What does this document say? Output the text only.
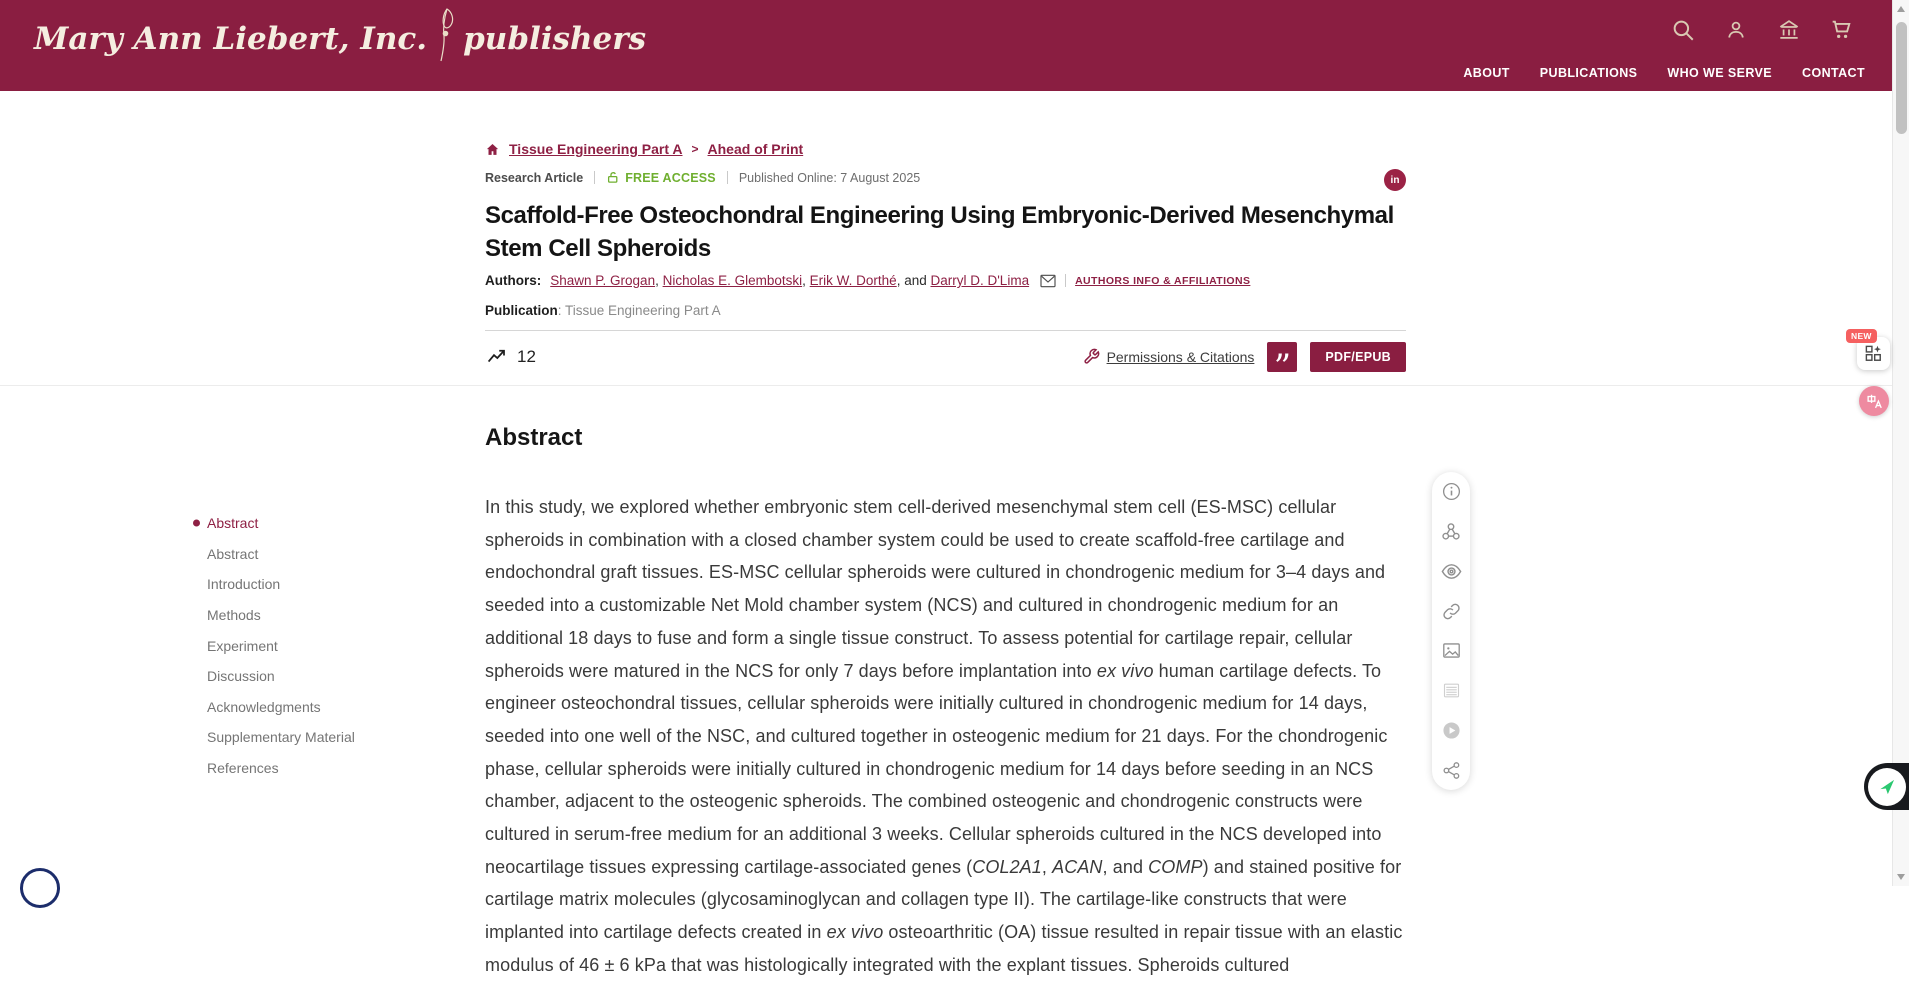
Mary Ann Liebert, Inc. publishers
ABOUT PUBLICATIONS WHO WE SERVE CONTACT
Tissue Engineering Part A > Ahead of Print
Research Article	FREE ACCESS Published Online: 7 August 2025	in
Scaffold-Free Osteochondral Engineering Using Embryonic-Derived Mesenchymal Stem Cell Spheroids
Authors: Shawn P. Grogan, Nicholas E. Glembotski, Erik W. Dorthé, and Darryl D. D'Lima	AUTHORS INFO & AFFILIATIONS
Publication: Tissue Engineering Part A
12	Permissions & Citations ”	PDF/EPUB
Abstract

In this study, we explored whether embryonic stem cell-derived mesenchymal stem cell (ES-MSC) cellular spheroids in combination with a closed chamber system could be used to create scaffold-free cartilage and endochondral graft tissues. ES-MSC cellular spheroids were cultured in chondrogenic medium for 3–4 days and seeded into a customizable Net Mold chamber system (NCS) and cultured in chondrogenic medium for an additional 18 days to fuse and form a single tissue construct. To assess potential for cartilage repair, cellular spheroids were matured in the NCS for only 7 days before implantation into ex vivo human cartilage defects. To engineer osteochondral tissues, cellular spheroids were initially cultured in chondrogenic medium for 14 days, seeded into one well of the NSC, and cultured together in osteogenic medium for 21 days. For the chondrogenic phase, cellular spheroids were initially cultured in chondrogenic medium for 14 days before seeding in an NCS chamber, adjacent to the osteogenic spheroids. The combined osteogenic and chondrogenic constructs were cultured in serum-free medium for an additional 3 weeks. Cellular spheroids cultured in the NCS developed into neocartilage tissues expressing cartilage-associated genes (COL2A1, ACAN, and COMP) and stained positive for cartilage matrix molecules (glycosaminoglycan and collagen type II). The cartilage-like constructs that were implanted into cartilage defects created in ex vivo osteoarthritic (OA) tissue resulted in repair tissue with an elastic modulus of 46 ± 6 kPa that was histologically integrated with the explant tissues. Spheroids cultured

Abstract
Abstract
Introduction
Methods
Experiment
Discussion
Acknowledgments
Supplementary Material
References
NEW
